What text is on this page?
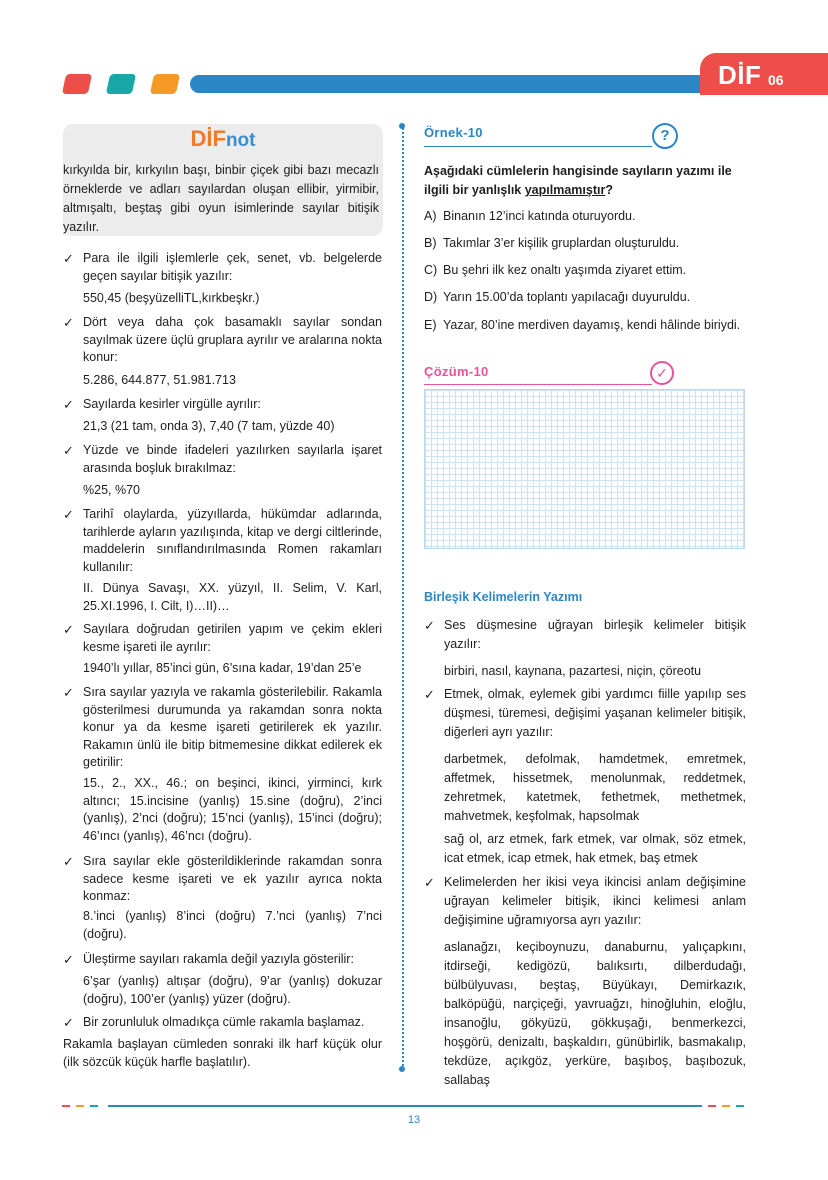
DİF 06
DİFnot
kırkyılda bir, kırkyılın başı, binbir çiçek gibi bazı mecazlı örneklerde ve adları sayılardan oluşan ellibir, yirmibir, altmışaltı, beştaş gibi oyun isimlerinde sayılar bitişik yazılır.
✓ Para ile ilgili işlemlerle çek, senet, vb. belgelerde geçen sayılar bitişik yazılır:
550,45 (beşyüzelliTL,kırkbeşkr.)
✓ Dört veya daha çok basamaklı sayılar sondan sayılmak üzere üçlü gruplara ayrılır ve aralarına nokta konur:
5.286, 644.877, 51.981.713
✓ Sayılarda kesirler virgülle ayrılır:
21,3 (21 tam, onda 3), 7,40 (7 tam, yüzde 40)
✓ Yüzde ve binde ifadeleri yazılırken sayılarla işaret arasında boşluk bırakılmaz:
%25, %70
✓ Tarihî olaylarda, yüzyıllarda, hükümdar adlarında, tarihlerde ayların yazılışında, kitap ve dergi ciltlerinde, maddelerin sınıflandırılmasında Romen rakamları kullanılır:
II. Dünya Savaşı, XX. yüzyıl, II. Selim, V. Karl, 25.XI.1996, I. Cilt, I)…II)…
✓ Sayılara doğrudan getirilen yapım ve çekim ekleri kesme işareti ile ayrılır:
1940’lı yıllar, 85’inci gün, 6’sına kadar, 19’dan 25’e
✓ Sıra sayılar yazıyla ve rakamla gösterilebilir. Rakamla gösterilmesi durumunda ya rakamdan sonra nokta konur ya da kesme işareti getirilerek ek yazılır. Rakamın ünlü ile bitip bitmemesine dikkat edilerek ek getirilir:
15., 2., XX., 46.; on beşinci, ikinci, yirminci, kırk altıncı; 15.incisine (yanlış) 15.sine (doğru), 2’inci (yanlış), 2’nci (doğru); 15’nci (yanlış), 15’inci (doğru); 46’ıncı (yanlış), 46’ncı (doğru).
✓ Sıra sayılar ekle gösterildiklerinde rakamdan sonra sadece kesme işareti ve ek yazılır ayrıca nokta konmaz:
8.’inci (yanlış) 8’inci (doğru) 7.’nci (yanlış) 7’nci (doğru).
✓ Üleştirme sayıları rakamla değil yazıyla gösterilir:
6’şar (yanlış) altışar (doğru), 9’ar (yanlış) dokuzar (doğru), 100’er (yanlış) yüzer (doğru).
✓ Bir zorunluluk olmadıkça cümle rakamla başlamaz.
Rakamla başlayan cümleden sonraki ilk harf küçük olur (ilk sözcük küçük harfle başlatılır).
Örnek-10	?
Aşağıdaki cümlelerin hangisinde sayıların yazımı ile ilgili bir yanlışlık yapılmamıştır?
A) Binanın 12’inci katında oturuyordu.
B) Takımlar 3’er kişilik gruplardan oluşturuldu.
C) Bu şehri ilk kez onaltı yaşımda ziyaret ettim.
D) Yarın 15.00’da toplantı yapılacağı duyuruldu.
E) Yazar, 80’ine merdiven dayamış, kendi hâlinde biriydi.
Çözüm-10	✓
Birleşik Kelimelerin Yazımı
✓ Ses düşmesine uğrayan birleşik kelimeler bitişik yazılır:
birbiri, nasıl, kaynana, pazartesi, niçin, çöreotu
✓ Etmek, olmak, eylemek gibi yardımcı fiille yapılıp ses düşmesi, türemesi, değişimi yaşanan kelimeler bitişik, diğerleri ayrı yazılır:
darbetmek, defolmak, hamdetmek, emretmek, affetmek, hissetmek, menolunmak, reddetmek, zehretmek, katetmek, fethetmek, methetmek, mahvetmek, keşfolmak, hapsolmak
sağ ol, arz etmek, fark etmek, var olmak, söz etmek, icat etmek, icap etmek, hak etmek, baş etmek
✓ Kelimelerden her ikisi veya ikincisi anlam değişimine uğrayan kelimeler bitişik, ikinci kelimesi anlam değişimine uğramıyorsa ayrı yazılır:
aslanağzı, keçiboynuzu, danaburnu, yalıçapkını, itdirseği, kedigözü, balıksırtı, dilberdudağı, bülbülyuvası, beştaş, Büyükayı, Demirkazık, balköpüğü, narçiçeği, yavruağzı, hinoğluhin, eloğlu, insanoğlu, gökyüzü, gökkuşağı, benmerkezci, hoşgörü, denizaltı, başkaldırı, günübirlik, basmakalıp, tekdüze, açıkgöz, yerküre, başıboş, başıbozuk, sallabaş
13
